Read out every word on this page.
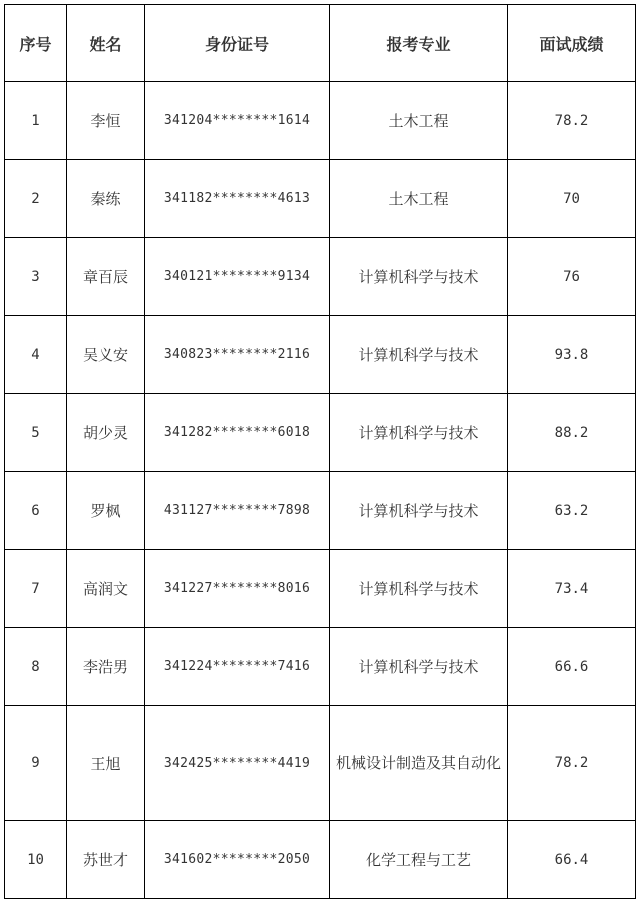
序号	姓名	身份证号	报考专业	面试成绩
1	李恒	341204********1614	土木工程	78.2
2	秦练	341182********4613	土木工程	70
3	章百辰	340121********9134	计算机科学与技术	76
4	吴义安	340823********2116	计算机科学与技术	93.8
5	胡少灵	341282********6018	计算机科学与技术	88.2
6	罗枫	431127********7898	计算机科学与技术	63.2
7	高润文	341227********8016	计算机科学与技术	73.4
8	李浩男	341224********7416	计算机科学与技术	66.6
9	王旭	342425********4419	机械设计制造及其自动化	78.2
10	苏世才	341602********2050	化学工程与工艺	66.4
